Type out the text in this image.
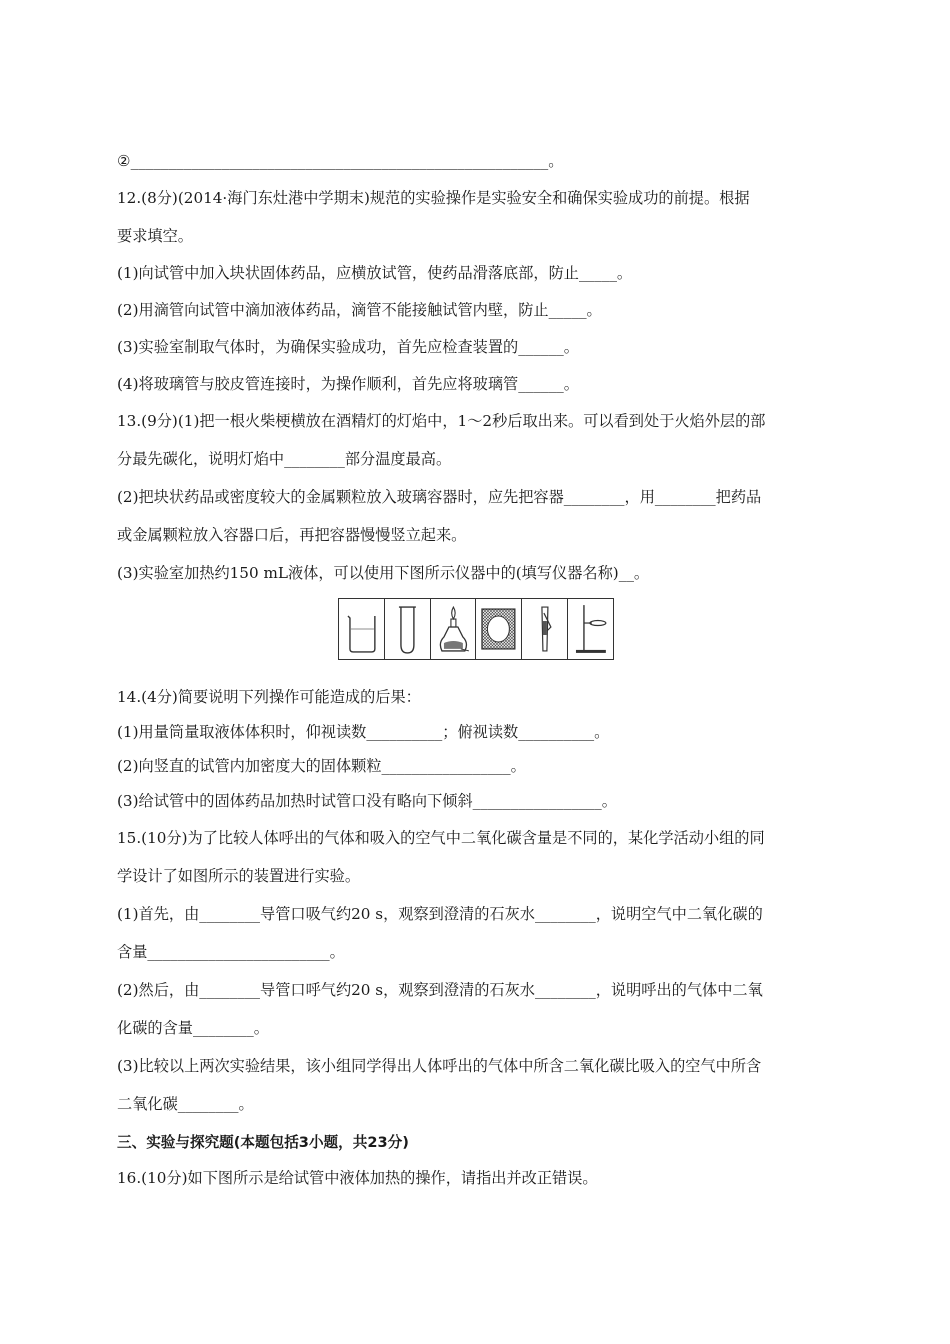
②_______________________________________________________。
12.(8分)(2014·海门东灶港中学期末)规范的实验操作是实验安全和确保实验成功的前提。根据
要求填空。
(1)向试管中加入块状固体药品，应横放试管，使药品滑落底部，防止_____。
(2)用滴管向试管中滴加液体药品，滴管不能接触试管内壁，防止_____。
(3)实验室制取气体时，为确保实验成功，首先应检查装置的______。
(4)将玻璃管与胶皮管连接时，为操作顺利，首先应将玻璃管______。
13.(9分)(1)把一根火柴梗横放在酒精灯的灯焰中，1～2秒后取出来。可以看到处于火焰外层的部
分最先碳化，说明灯焰中________部分温度最高。
(2)把块状药品或密度较大的金属颗粒放入玻璃容器时，应先把容器________，用________把药品
或金属颗粒放入容器口后，再把容器慢慢竖立起来。
(3)实验室加热约150 mL液体，可以使用下图所示仪器中的(填写仪器名称)__。
14.(4分)简要说明下列操作可能造成的后果：
(1)用量筒量取液体体积时，仰视读数__________；俯视读数__________。
(2)向竖直的试管内加密度大的固体颗粒_________________。
(3)给试管中的固体药品加热时试管口没有略向下倾斜_________________。
15.(10分)为了比较人体呼出的气体和吸入的空气中二氧化碳含量是不同的，某化学活动小组的同
学设计了如图所示的装置进行实验。
(1)首先，由________导管口吸气约20 s，观察到澄清的石灰水________，说明空气中二氧化碳的
含量________________________。
(2)然后，由________导管口呼气约20 s，观察到澄清的石灰水________，说明呼出的气体中二氧
化碳的含量________。
(3)比较以上两次实验结果，该小组同学得出人体呼出的气体中所含二氧化碳比吸入的空气中所含
二氧化碳________。
三、实验与探究题(本题包括3小题，共23分)
16.(10分)如下图所示是给试管中液体加热的操作，请指出并改正错误。
